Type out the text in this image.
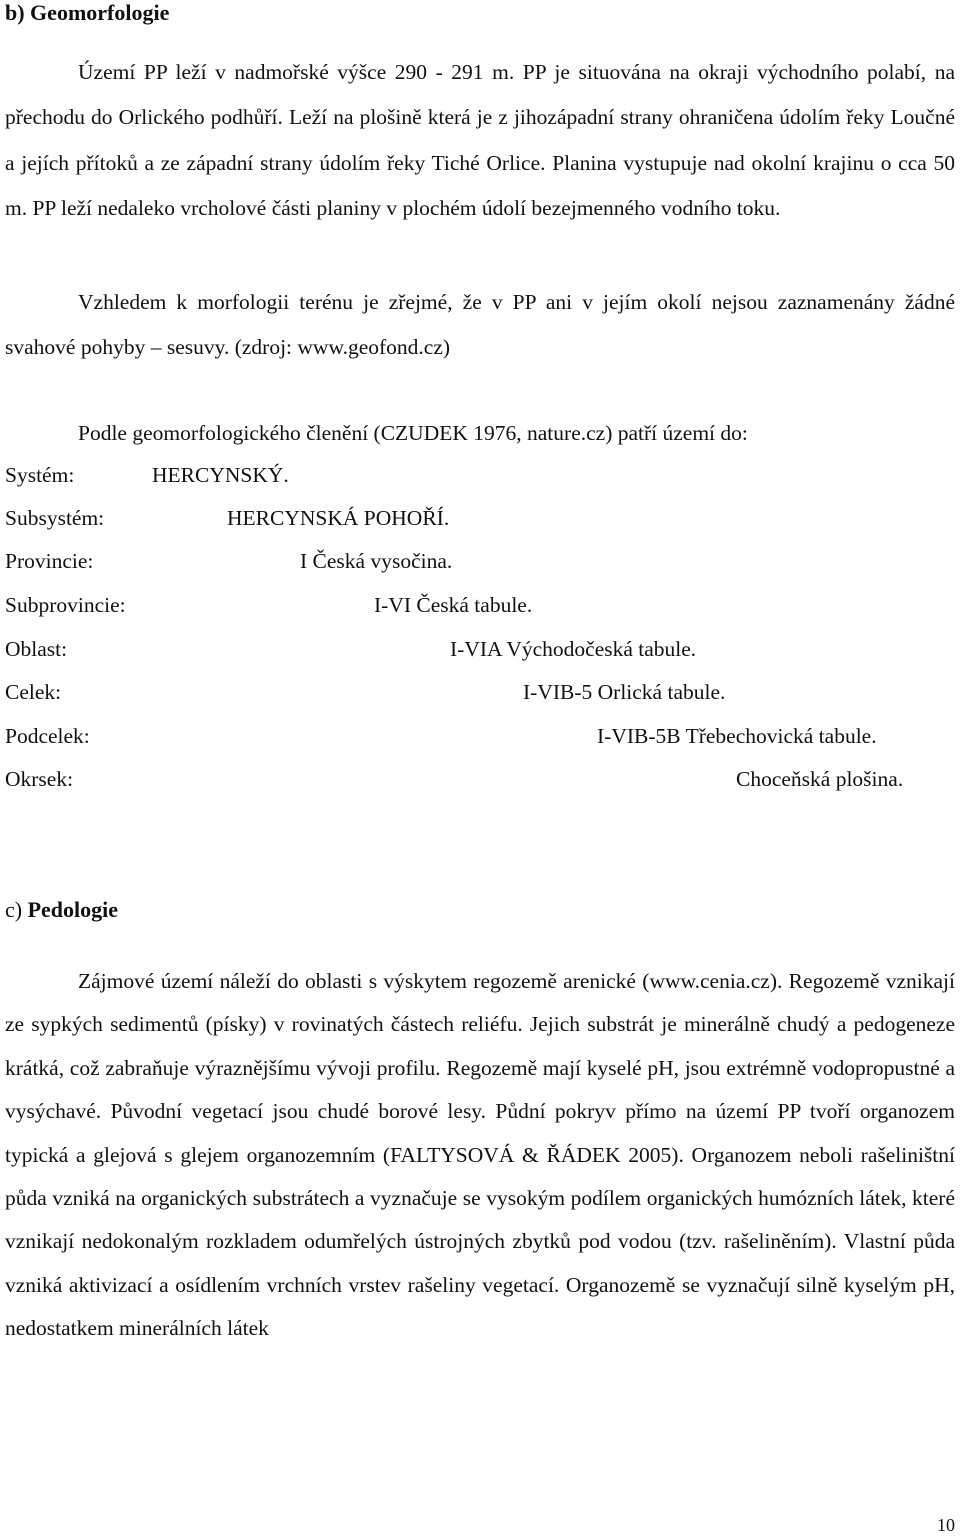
b) Geomorfologie

Území PP leží v nadmořské výšce 290 - 291 m. PP je situována na okraji východního polabí, na přechodu do Orlického podhůří. Leží na plošině která je z jihozápadní strany ohraničena údolím řeky Loučné a jejích přítoků a ze západní strany údolím řeky Tiché Orlice. Planina vystupuje nad okolní krajinu o cca 50 m. PP leží nedaleko vrcholové části planiny v plochém údolí bezejmenného vodního toku.

Vzhledem k morfologii terénu je zřejmé, že v PP ani v jejím okolí nejsou zaznamenány žádné svahové pohyby – sesuvy. (zdroj: www.geofond.cz)

Podle geomorfologického členění (CZUDEK 1976, nature.cz) patří území do:

Systém:
Subsystém:
Provincie:
Subprovincie:
Oblast:
Celek:
Podcelek:
Okrsek:
HERCYNSKÝ.
HERCYNSKÁ POHOŘÍ.
I Česká vysočina.
I-VI Česká tabule.
I-VIA Východočeská tabule.
I-VIB-5 Orlická tabule.
I-VIB-5B Třebechovická tabule.
Choceňská plošina.
c) Pedologie

Zájmové území náleží do oblasti s výskytem regozemě arenické (www.cenia.cz). Regozemě vznikají ze sypkých sedimentů (písky) v rovinatých částech reliéfu. Jejich substrát je minerálně chudý a pedogeneze krátká, což zabraňuje výraznějšímu vývoji profilu. Regozemě mají kyselé pH, jsou extrémně vodopropustné a vysýchavé. Původní vegetací jsou chudé borové lesy. Půdní pokryv přímo na území PP tvoří organozem typická a glejová s glejem organozemním (FALTYSOVÁ & ŘÁDEK 2005). Organozem neboli rašeliništní půda vzniká na organických substrátech a vyznačuje se vysokým podílem organických humózních látek, které vznikají nedokonalým rozkladem odumřelých ústrojných zbytků pod vodou (tzv. rašeliněním). Vlastní půda vzniká aktivizací a osídlením vrchních vrstev rašeliny vegetací. Organozemě se vyznačují silně kyselým pH, nedostatkem minerálních látek

10
